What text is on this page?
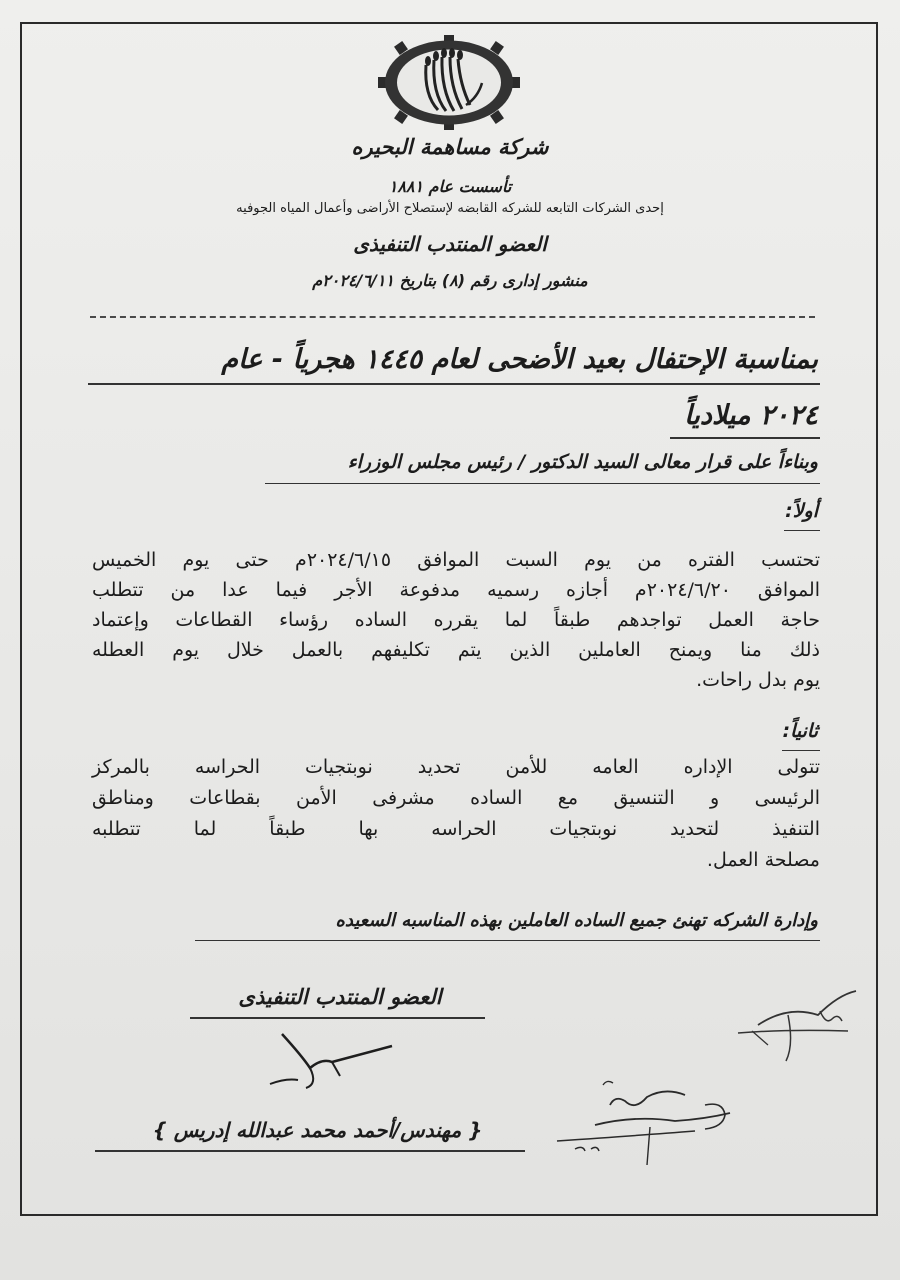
شركة مساهمة البحيره
تأسست عام ١٨٨١
إحدى الشركات التابعه للشركه القابضه لإستصلاح الأراضى وأعمال المياه الجوفيه
العضو المنتدب التنفيذى
منشور إدارى رقم (٨) بتاريخ ٢٠٢٤/٦/١١م
بمناسبة الإحتفال بعيد الأضحى لعام ١٤٤٥ هجرياً - عام
٢٠٢٤ ميلادياً
وبناءاً على قرار معالى السيد الدكتور / رئيس مجلس الوزراء
أولاً:
تحتسب الفتره من يوم السبت الموافق ٢٠٢٤/٦/١٥م حتى يوم الخميس
الموافق ٢٠٢٤/٦/٢٠م أجازه رسميه مدفوعة الأجر فيما عدا من تتطلب
حاجة العمل تواجدهم طبقاً لما يقرره الساده رؤساء القطاعات وإعتماد
ذلك منا ويمنح العاملين الذين يتم تكليفهم بالعمل خلال يوم العطله
يوم بدل راحات.
ثانياً:
تتولى الإداره العامه للأمن تحديد نوبتجيات الحراسه بالمركز
الرئيسى و التنسيق مع الساده مشرفى الأمن بقطاعات ومناطق
التنفيذ لتحديد نوبتجيات الحراسه بها طبقاً لما تتطلبه
مصلحة العمل.
وإدارة الشركه تهنئ جميع الساده العاملين بهذه المناسبه السعيده
العضو المنتدب التنفيذى
{ مهندس/أحمد محمد عبدالله إدريس }
